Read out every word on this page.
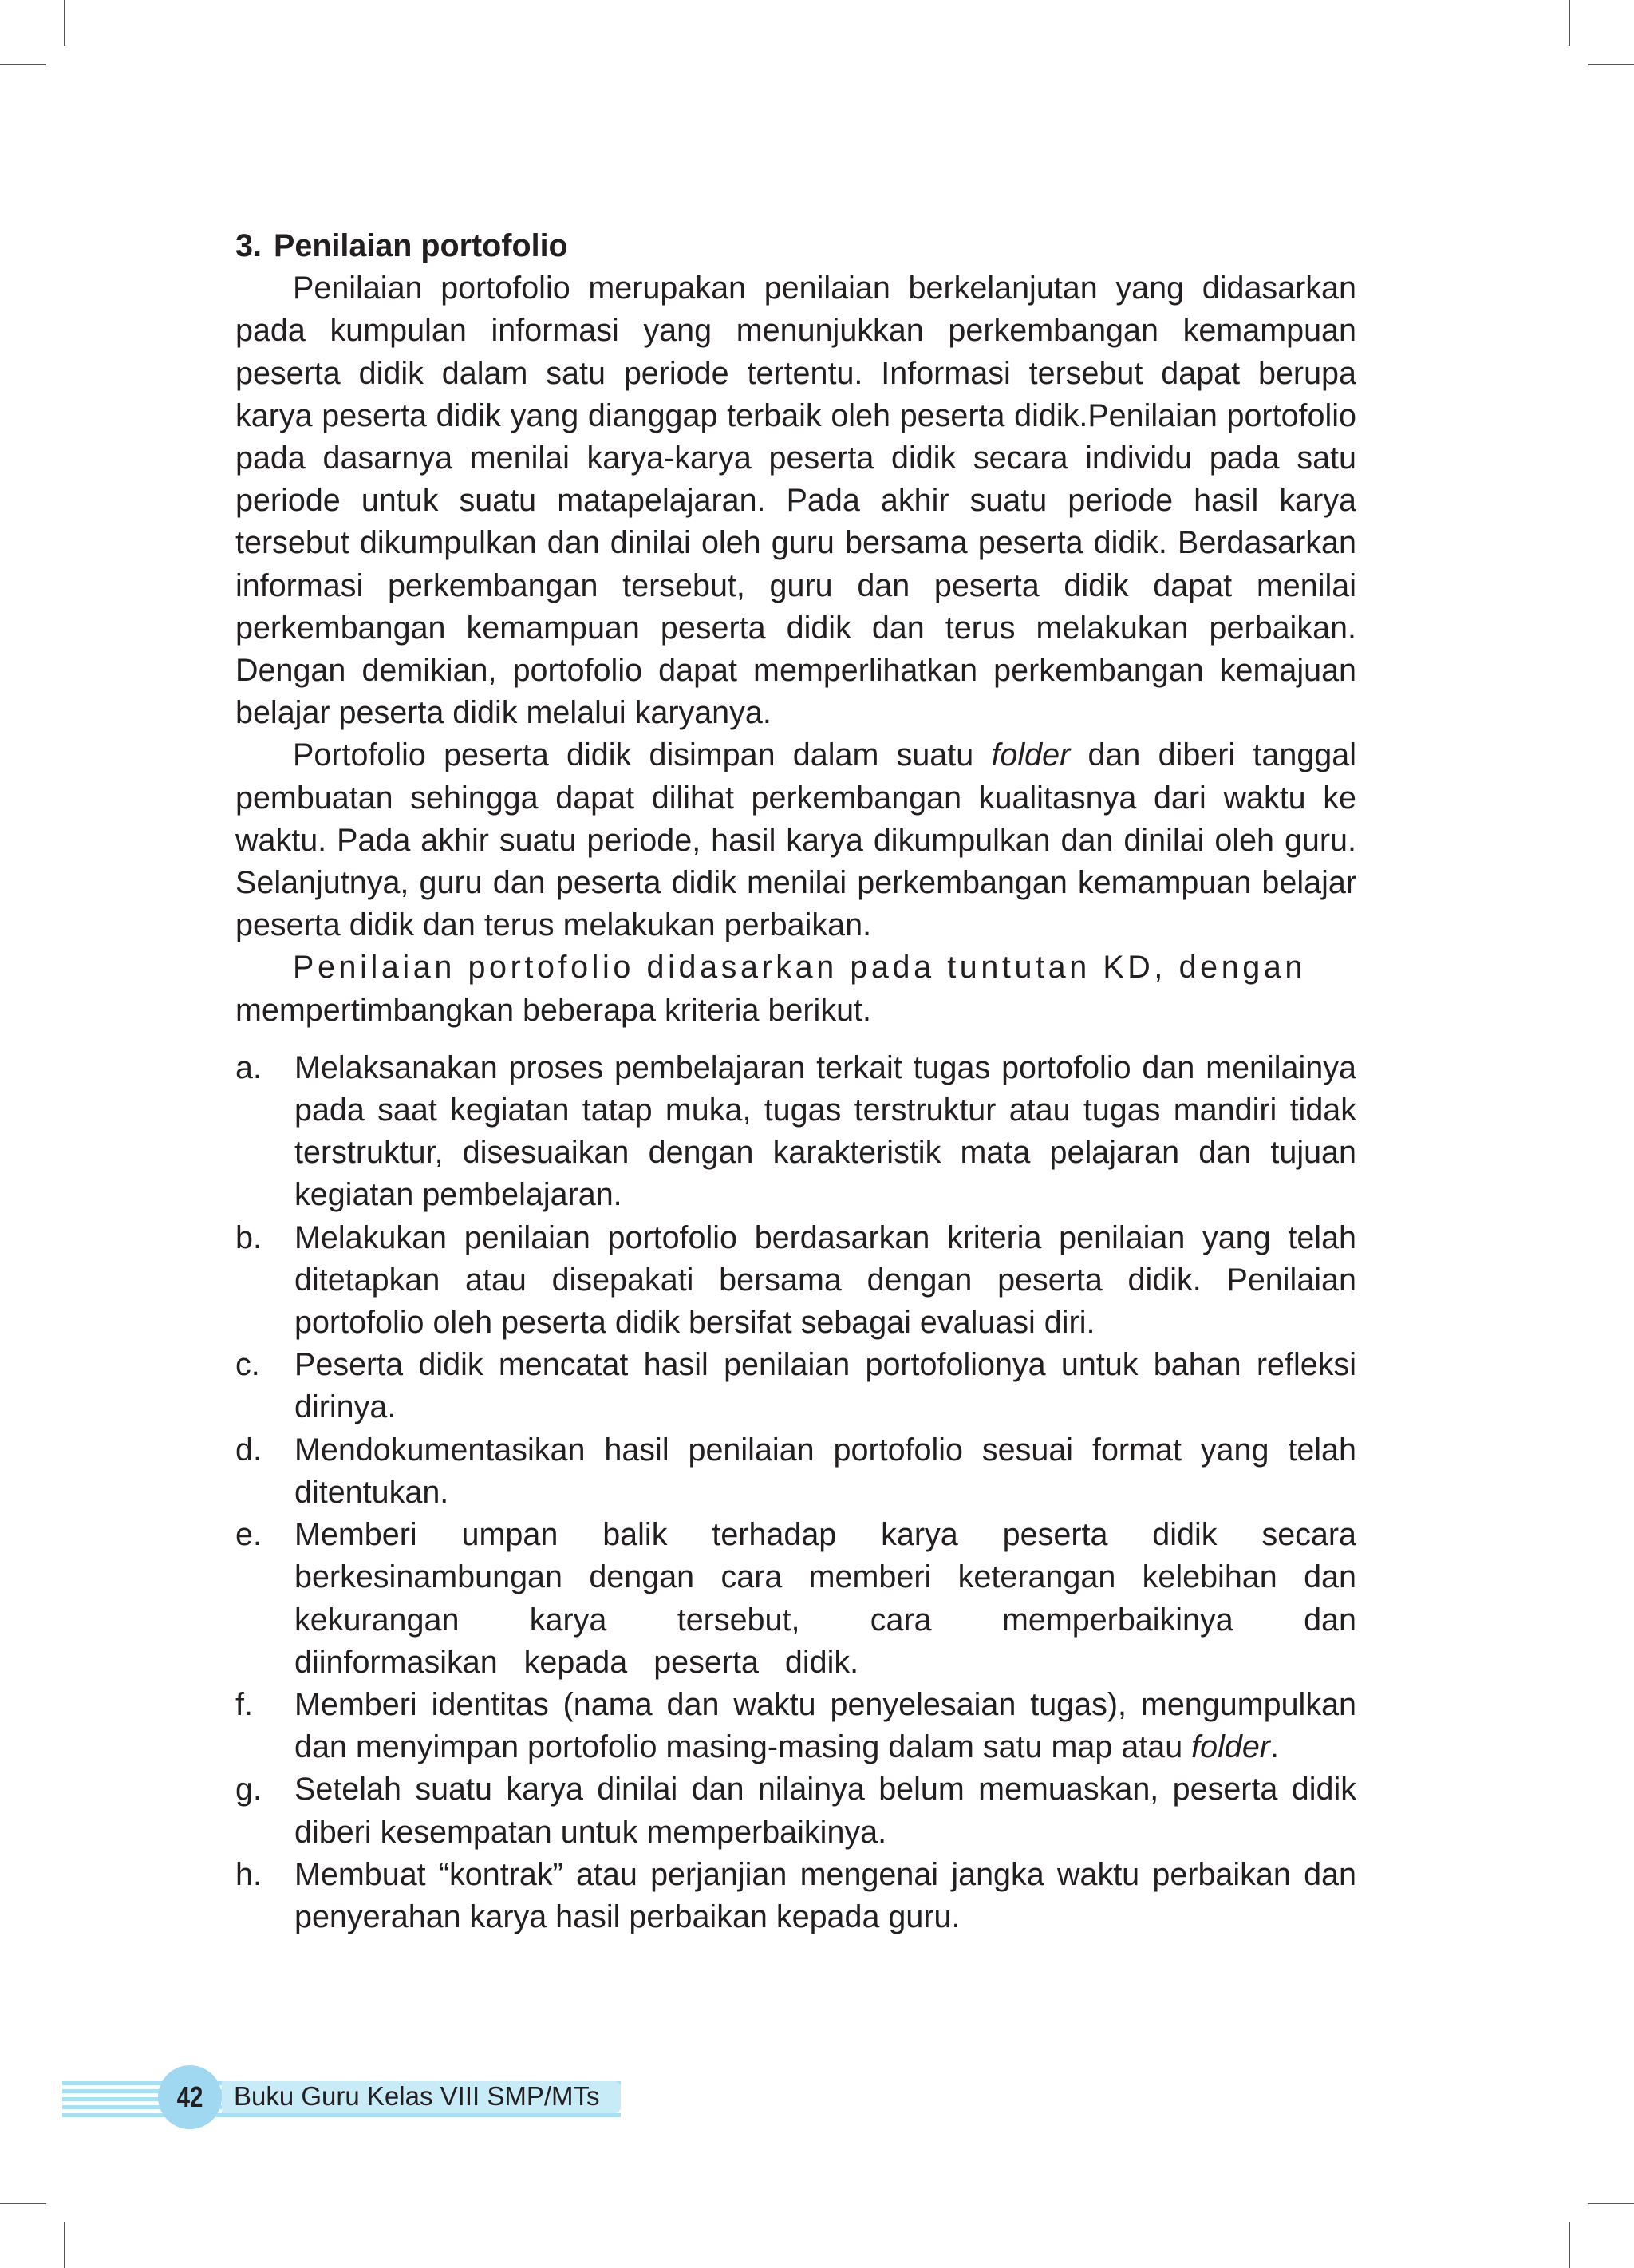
3. Penilaian portofolio

Penilaian portofolio merupakan penilaian berkelanjutan yang didasarkan pada kumpulan informasi yang menunjukkan perkembangan kemampuan peserta didik dalam satu periode tertentu. Informasi tersebut dapat berupa karya peserta didik yang dianggap terbaik oleh peserta didik.Penilaian portofolio pada dasarnya menilai karya-karya peserta didik secara individu pada satu periode untuk suatu matapelajaran. Pada akhir suatu periode hasil karya tersebut dikumpulkan dan dinilai oleh guru bersama peserta didik. Berdasarkan informasi perkembangan tersebut, guru dan peserta didik dapat menilai perkembangan kemampuan peserta didik dan terus melakukan perbaikan. Dengan demikian, portofolio dapat memperlihatkan perkembangan kemajuan belajar peserta didik melalui karyanya.

Portofolio peserta didik disimpan dalam suatu folder dan diberi tanggal pembuatan sehingga dapat dilihat perkembangan kualitasnya dari waktu ke waktu. Pada akhir suatu periode, hasil karya dikumpulkan dan dinilai oleh guru. Selanjutnya, guru dan peserta didik menilai perkembangan kemampuan belajar peserta didik dan terus melakukan perbaikan.

Penilaian portofolio didasarkan pada tuntutan KD, dengan

mempertimbangkan beberapa kriteria berikut.

a. Melaksanakan proses pembelajaran terkait tugas portofolio dan menilainya pada saat kegiatan tatap muka, tugas terstruktur atau tugas mandiri tidak terstruktur, disesuaikan dengan karakteristik mata pelajaran dan tujuan kegiatan pembelajaran.
b. Melakukan penilaian portofolio berdasarkan kriteria penilaian yang telah ditetapkan atau disepakati bersama dengan peserta didik. Penilaian portofolio oleh peserta didik bersifat sebagai evaluasi diri.
c. Peserta didik mencatat hasil penilaian portofolionya untuk bahan refleksi dirinya.
d. Mendokumentasikan hasil penilaian portofolio sesuai format yang telah ditentukan.
e. Memberi umpan balik terhadap karya peserta didik secara berkesinambungan dengan cara memberi keterangan kelebihan dan kekurangan karya tersebut, cara memperbaikinya dan diinformasikan kepada peserta didik.
f. Memberi identitas (nama dan waktu penyelesaian tugas), mengumpulkan dan menyimpan portofolio masing-masing dalam satu map atau folder.
g. Setelah suatu karya dinilai dan nilainya belum memuaskan, peserta didik diberi kesempatan untuk memperbaikinya.
h. Membuat “kontrak” atau perjanjian mengenai jangka waktu perbaikan dan penyerahan karya hasil perbaikan kepada guru.
42	Buku Guru Kelas VIII SMP/MTs
